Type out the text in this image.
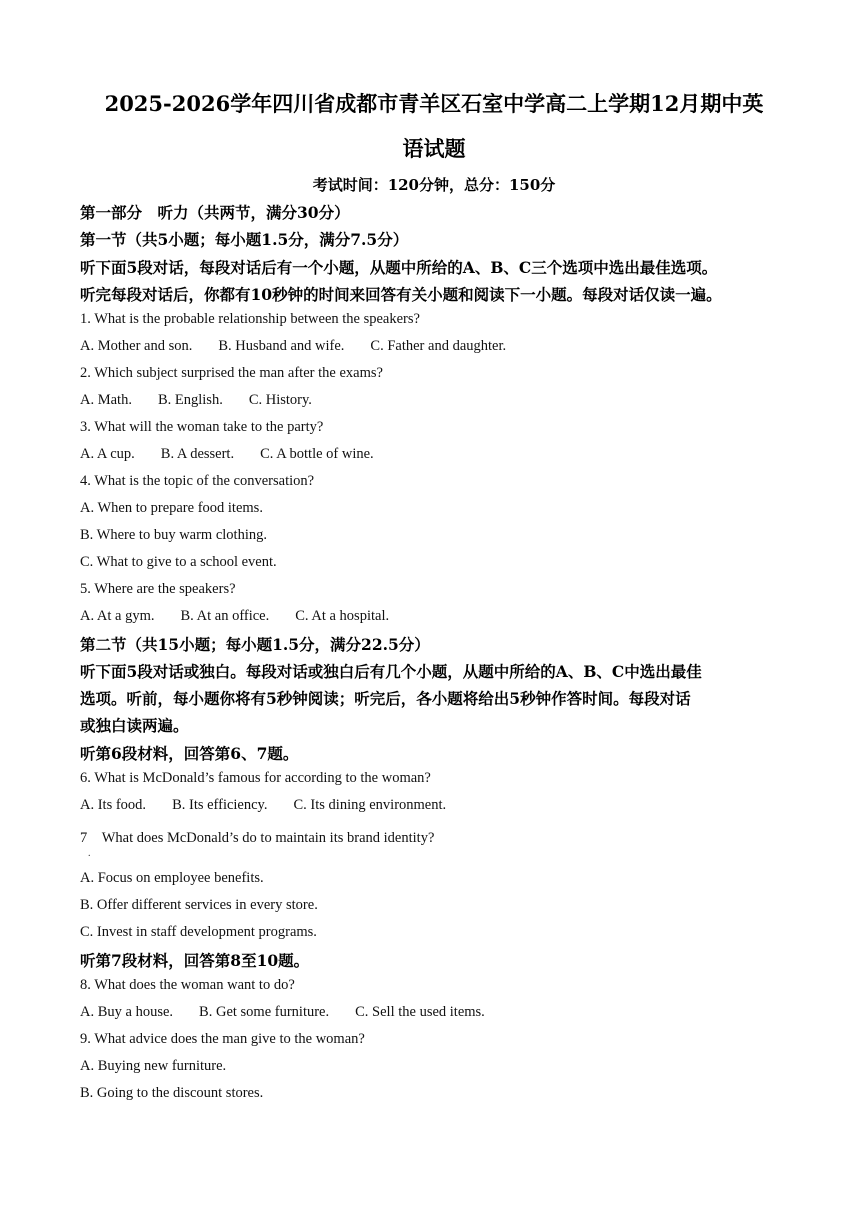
2025-2026学年四川省成都市青羊区石室中学高二上学期12月期中英
语试题
考试时间：120分钟，总分：150分
第一部分　听力（共两节，满分30分）
第一节（共5小题；每小题1.5分，满分7.5分）
听下面5段对话，每段对话后有一个小题，从题中所给的A、B、C三个选项中选出最佳选项。
听完每段对话后，你都有10秒钟的时间来回答有关小题和阅读下一小题。每段对话仅读一遍。
1. What is the probable relationship between the speakers?
A. Mother and son. B. Husband and wife. C. Father and daughter.
2. Which subject surprised the man after the exams?
A. Math. B. English. C. History.
3. What will the woman take to the party?
A. A cup. B. A dessert. C. A bottle of wine.
4. What is the topic of the conversation?
A. When to prepare food items.
B. Where to buy warm clothing.
C. What to give to a school event.
5. Where are the speakers?
A. At a gym. B. At an office. C. At a hospital.
第二节（共15小题；每小题1.5分，满分22.5分）
听下面5段对话或独白。每段对话或独白后有几个小题，从题中所给的A、B、C中选出最佳
选项。听前，每小题你将有5秒钟阅读；听完后，各小题将给出5秒钟作答时间。每段对话
或独白读两遍。
听第6段材料，回答第6、7题。
6. What is McDonald’s famous for according to the woman?
A. Its food. B. Its efficiency. C. Its dining environment.
7　What does McDonald’s do to maintain its brand identity?
.
A. Focus on employee benefits.
B. Offer different services in every store.
C. Invest in staff development programs.
听第7段材料，回答第8至10题。
8. What does the woman want to do?
A. Buy a house. B. Get some furniture. C. Sell the used items.
9. What advice does the man give to the woman?
A. Buying new furniture.
B. Going to the discount stores.
